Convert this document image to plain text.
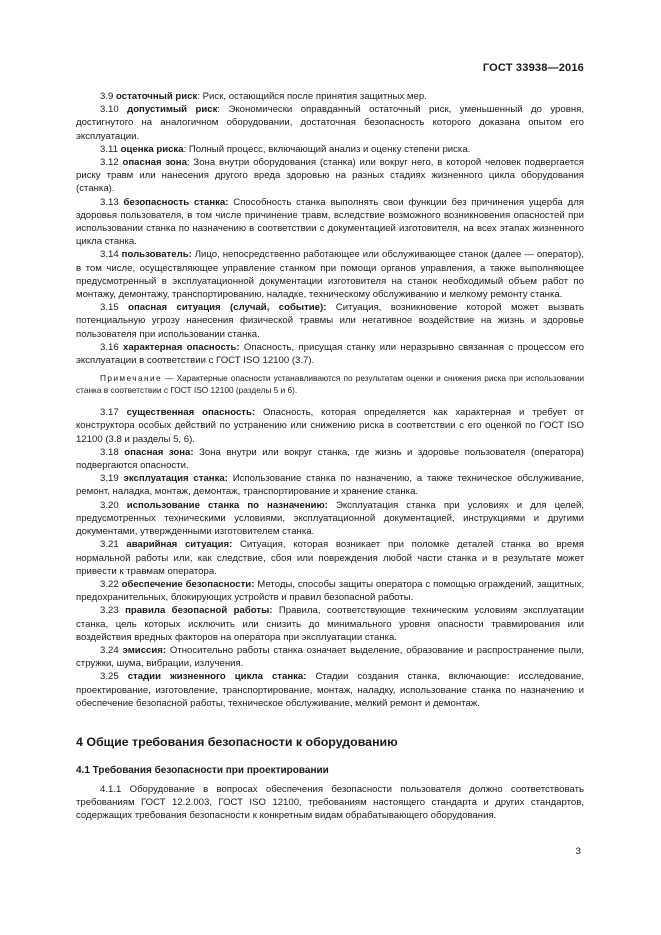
ГОСТ 33938—2016

3.9 остаточный риск: Риск, остающийся после принятия защитных мер.

3.10 допустимый риск: Экономически оправданный остаточный риск, уменьшенный до уровня, достигнутого на аналогичном оборудовании, достаточная безопасность которого доказана опытом его эксплуатации.

3.11 оценка риска: Полный процесс, включающий анализ и оценку степени риска.

3.12 опасная зона: Зона внутри оборудования (станка) или вокруг него, в которой человек подвергается риску травм или нанесения другого вреда здоровью на разных стадиях жизненного цикла оборудования (станка).

3.13 безопасность станка: Способность станка выполнять свои функции без причинения ущерба для здоровья пользователя, в том числе причинение травм, вследствие возможного возникновения опасностей при использовании станка по назначению в соответствии с документацией изготовителя, на всех этапах жизненного цикла станка.

3.14 пользователь: Лицо, непосредственно работающее или обслуживающее станок (далее — оператор), в том числе, осуществляющее управление станком при помощи органов управления, а также выполняющее предусмотренный в эксплуатационной документации изготовителя на станок необходимый объем работ по монтажу, демонтажу, транспортированию, наладке, техническому обслуживанию и мелкому ремонту станка.

3.15 опасная ситуация (случай, событие): Ситуация, возникновение которой может вызвать потенциальную угрозу нанесения физической травмы или негативное воздействие на жизнь и здоровье пользователя при использовании станка.

3.16 характерная опасность: Опасность, присущая станку или неразрывно связанная с процессом его эксплуатации в соответствии с ГОСТ ISO 12100 (3.7).

Примечание — Характерные опасности устанавливаются по результатам оценки и снижения риска при использовании станка в соответствии с ГОСТ ISO 12100 (разделы 5 и 6).

3.17 существенная опасность: Опасность, которая определяется как характерная и требует от конструктора особых действий по устранению или снижению риска в соответствии с его оценкой по ГОСТ ISO 12100 (3.8 и разделы 5, 6).

3.18 опасная зона: Зона внутри или вокруг станка, где жизнь и здоровье пользователя (оператора) подвергаются опасности.

3.19 эксплуатация станка: Использование станка по назначению, а также техническое обслуживание, ремонт, наладка, монтаж, демонтаж, транспортирование и хранение станка.

3.20 использование станка по назначению: Эксплуатация станка при условиях и для целей, предусмотренных техническими условиями, эксплуатационной документацией, инструкциями и другими документами, утвержденными изготовителем станка.

3.21 аварийная ситуация: Ситуация, которая возникает при поломке деталей станка во время нормальной работы или, как следствие, сбоя или повреждения любой части станка и в результате может привести к травмам оператора.

3.22 обеспечение безопасности: Методы, способы защиты оператора с помощью ограждений, защитных, предохранительных, блокирующих устройств и правил безопасной работы.

3.23 правила безопасной работы: Правила, соответствующие техническим условиям эксплуатации станка, цель которых исключить или снизить до минимального уровня опасности травмирования или воздействия вредных факторов на оператора при эксплуатации станка.

3.24 эмиссия: Относительно работы станка означает выделение, образование и распространение пыли, стружки, шума, вибрации, излучения.

3.25 стадии жизненного цикла станка: Стадии создания станка, включающие: исследование, проектирование, изготовление, транспортирование, монтаж, наладку, использование станка по назначению и обеспечение безопасной работы, техническое обслуживание, мелкий ремонт и демонтаж.

4 Общие требования безопасности к оборудованию

4.1 Требования безопасности при проектировании

4.1.1 Оборудование в вопросах обеспечения безопасности пользователя должно соответствовать требованиям ГОСТ 12.2.003, ГОСТ ISO 12100, требованиям настоящего стандарта и других стандартов, содержащих требования безопасности к конкретным видам обрабатывающего оборудования.

3
